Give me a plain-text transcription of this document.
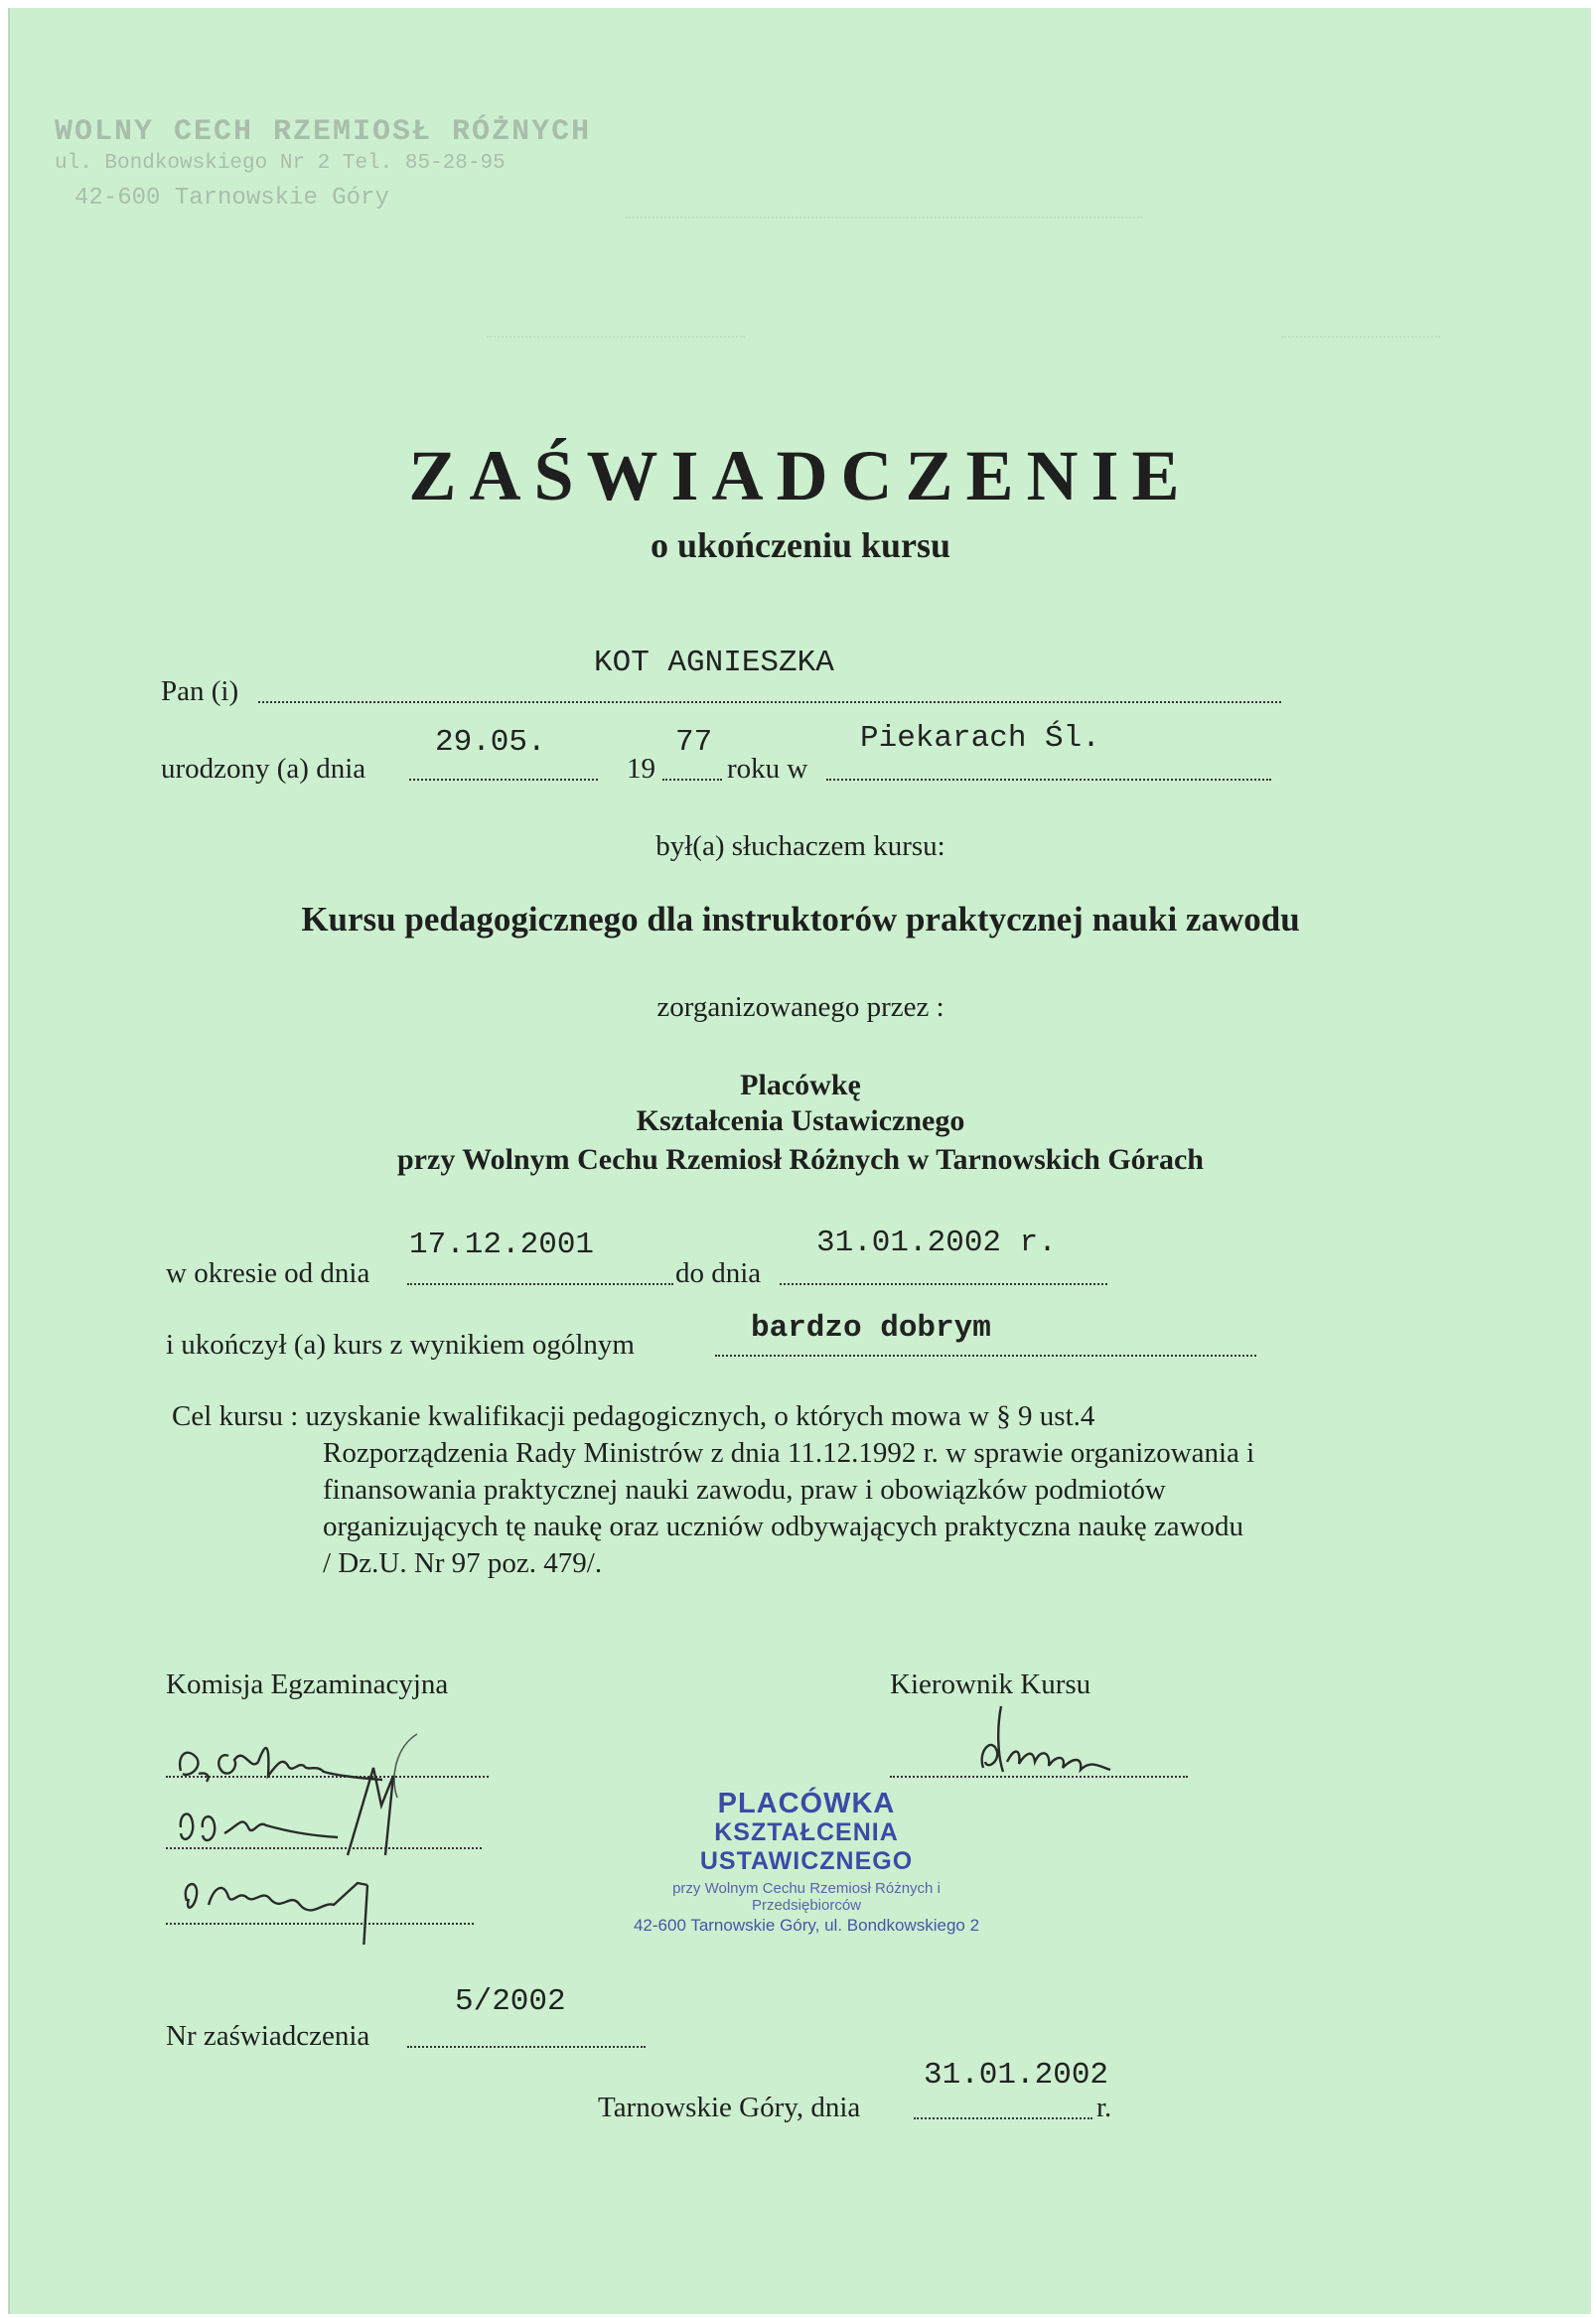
WOLNY CECH RZEMIOSŁ RÓŻNYCH
ul. Bondkowskiego Nr 2 Tel. 85-28-95
42-600 Tarnowskie Góry
ZAŚWIADCZENIE
o ukończeniu kursu
Pan (i)
KOT AGNIESZKA
urodzony (a) dnia
29.05.
19
77
roku w
Piekarach Śl.
był(a) słuchaczem kursu:
Kursu pedagogicznego dla instruktorów praktycznej nauki zawodu
zorganizowanego przez :
Placówkę
Kształcenia Ustawicznego
przy Wolnym Cechu Rzemiosł Różnych w Tarnowskich Górach
w okresie od dnia
17.12.2001
do dnia
31.01.2002 r.
i ukończył (a) kurs z wynikiem ogólnym	bardzo dobrym
Cel kursu : uzyskanie kwalifikacji pedagogicznych, o których mowa w § 9 ust.4
Rozporządzenia Rady Ministrów z dnia 11.12.1992 r. w sprawie organizowania i
finansowania praktycznej nauki zawodu, praw i obowiązków podmiotów
organizujących tę naukę oraz uczniów odbywających praktyczna naukę zawodu
/ Dz.U. Nr 97 poz. 479/.
Komisja Egzaminacyjna	Kierownik Kursu
PLACÓWKA
KSZTAŁCENIA USTAWICZNEGO
przy Wolnym Cechu Rzemiosł Różnych i Przedsiębiorców
42-600 Tarnowskie Góry, ul. Bondkowskiego 2
Nr zaświadczenia
5/2002
Tarnowskie Góry, dnia
31.01.2002
r.
